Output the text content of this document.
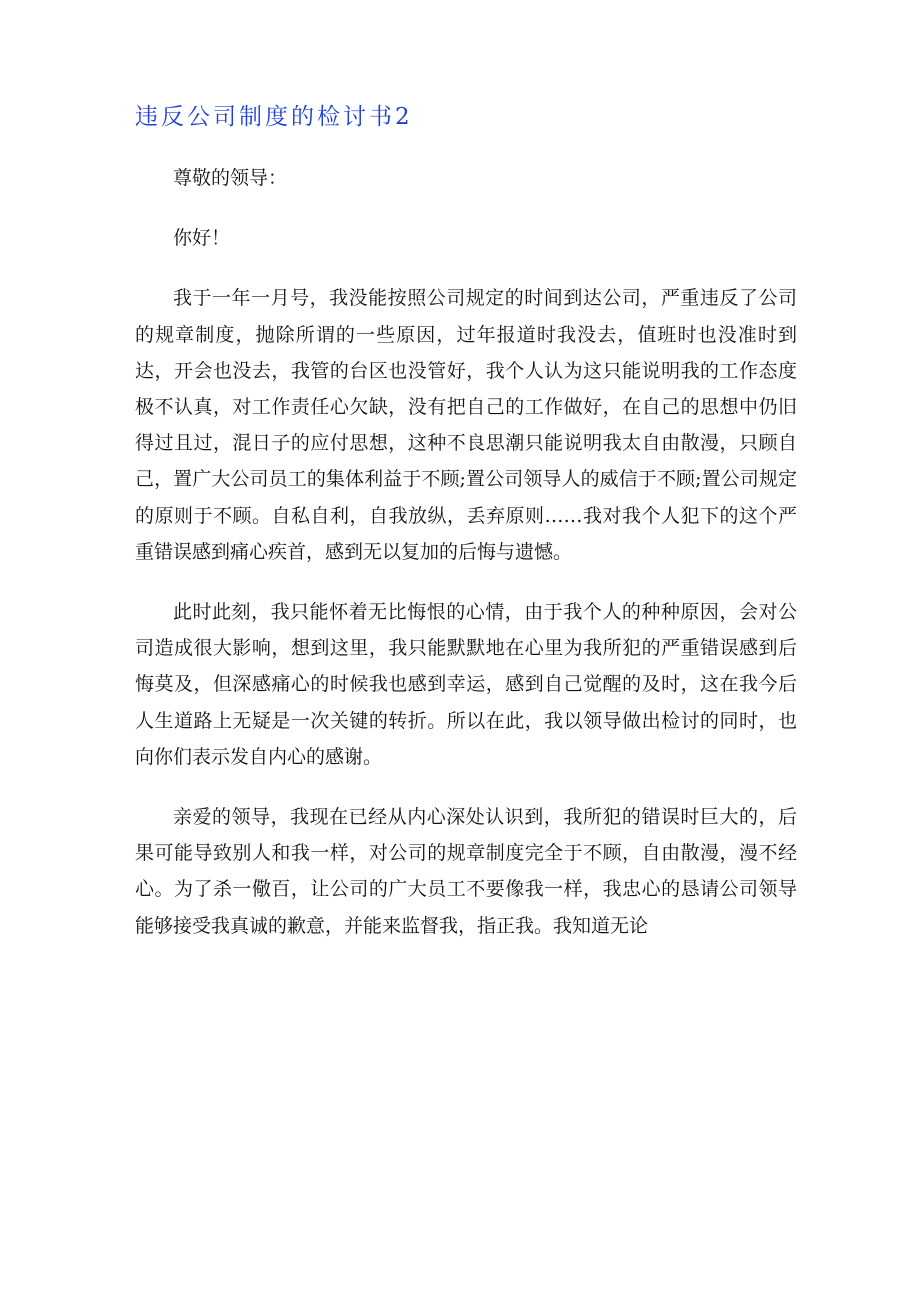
违反公司制度的检讨书2

尊敬的领导：

你好！

我于一年一月号，我没能按照公司规定的时间到达公司，严重违反了公司的规章制度，抛除所谓的一些原因，过年报道时我没去，值班时也没准时到达，开会也没去，我管的台区也没管好，我个人认为这只能说明我的工作态度极不认真，对工作责任心欠缺，没有把自己的工作做好，在自己的思想中仍旧得过且过，混日子的应付思想，这种不良思潮只能说明我太自由散漫，只顾自己，置广大公司员工的集体利益于不顾;置公司领导人的威信于不顾;置公司规定的原则于不顾。自私自利，自我放纵，丢弃原则……我对我个人犯下的这个严重错误感到痛心疾首，感到无以复加的后悔与遗憾。

此时此刻，我只能怀着无比悔恨的心情，由于我个人的种种原因，会对公司造成很大影响，想到这里，我只能默默地在心里为我所犯的严重错误感到后悔莫及，但深感痛心的时候我也感到幸运，感到自己觉醒的及时，这在我今后人生道路上无疑是一次关键的转折。所以在此，我以领导做出检讨的同时，也向你们表示发自内心的感谢。

亲爱的领导，我现在已经从内心深处认识到，我所犯的错误时巨大的，后果可能导致别人和我一样，对公司的规章制度完全于不顾，自由散漫，漫不经心。为了杀一儆百，让公司的广大员工不要像我一样，我忠心的恳请公司领导能够接受我真诚的歉意，并能来监督我，指正我。我知道无论
